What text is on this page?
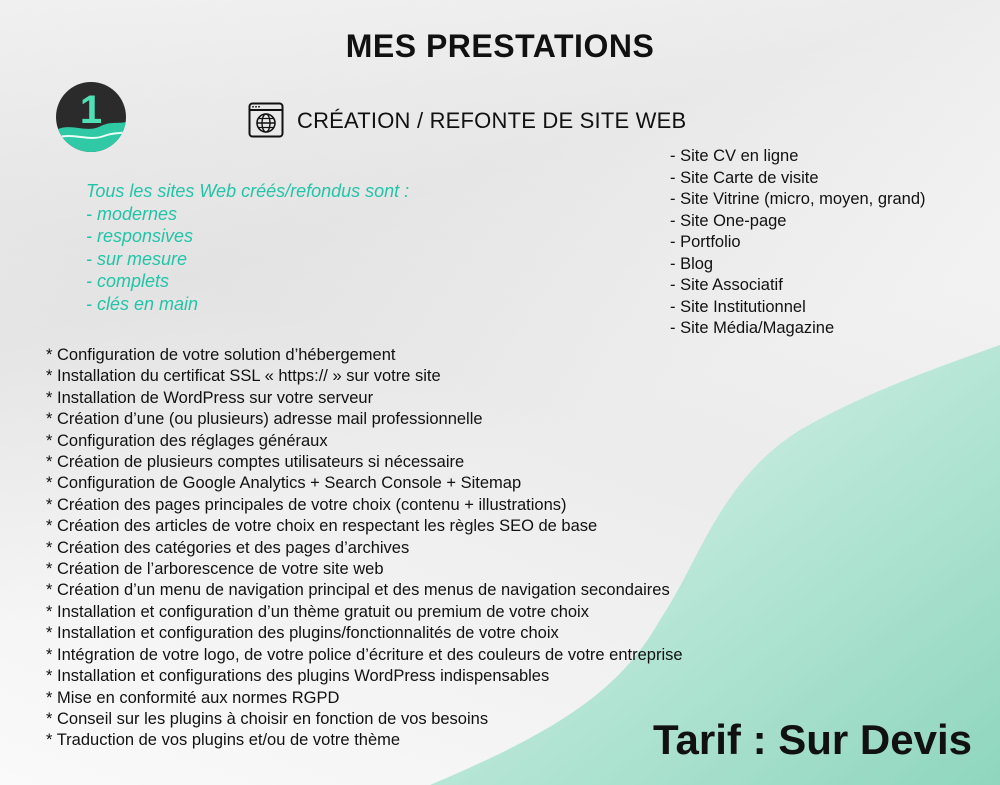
MES PRESTATIONS
1	CRÉATION / REFONTE DE SITE WEB
- Site CV en ligne
- Site Carte de visite
- Site Vitrine (micro, moyen, grand)
- Site One-page
- Portfolio
- Blog
- Site Associatif
- Site Institutionnel
- Site Média/Magazine
Tous les sites Web créés/refondus sont :
- modernes
- responsives
- sur mesure
- complets
- clés en main
* Configuration de votre solution d’hébergement
* Installation du certificat SSL « https:// » sur votre site
* Installation de WordPress sur votre serveur
* Création d’une (ou plusieurs) adresse mail professionnelle
* Configuration des réglages généraux
* Création de plusieurs comptes utilisateurs si nécessaire
* Configuration de Google Analytics + Search Console + Sitemap
* Création des pages principales de votre choix (contenu + illustrations)
* Création des articles de votre choix en respectant les règles SEO de base
* Création des catégories et des pages d’archives
* Création de l’arborescence de votre site web
* Création d’un menu de navigation principal et des menus de navigation secondaires
* Installation et configuration d’un thème gratuit ou premium de votre choix
* Installation et configuration des plugins/fonctionnalités de votre choix
* Intégration de votre logo, de votre police d’écriture et des couleurs de votre entreprise
* Installation et configurations des plugins WordPress indispensables
* Mise en conformité aux normes RGPD
* Conseil sur les plugins à choisir en fonction de vos besoins
* Traduction de vos plugins et/ou de votre thème	Tarif : Sur Devis
